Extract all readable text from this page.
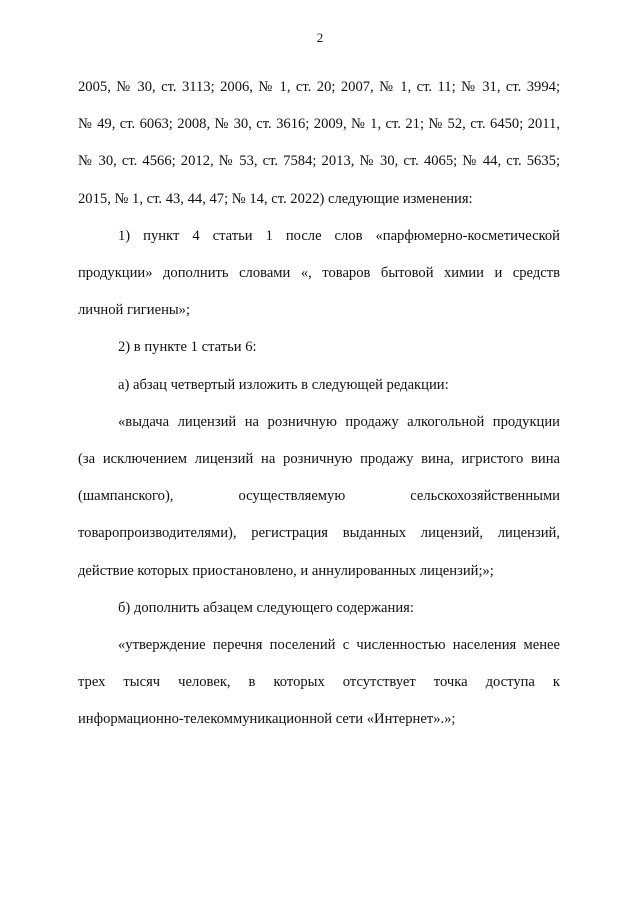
2
2005, № 30, ст. 3113; 2006, № 1, ст. 20; 2007, № 1, ст. 11; № 31, ст. 3994;
№ 49, ст. 6063; 2008, № 30, ст. 3616; 2009, № 1, ст. 21; № 52, ст. 6450; 2011,
№ 30, ст. 4566; 2012, № 53, ст. 7584; 2013, № 30, ст. 4065; № 44, ст. 5635;
2015, № 1, ст. 43, 44, 47; № 14, ст. 2022) следующие изменения:
1) пункт 4 статьи 1 после слов «парфюмерно-косметической
продукции» дополнить словами «, товаров бытовой химии и средств
личной гигиены»;
2) в пункте 1 статьи 6:
а) абзац четвертый изложить в следующей редакции:
«выдача лицензий на розничную продажу алкогольной продукции
(за исключением лицензий на розничную продажу вина, игристого вина
(шампанского), осуществляемую сельскохозяйственными
товаропроизводителями), регистрация выданных лицензий, лицензий,
действие которых приостановлено, и аннулированных лицензий;»;
б) дополнить абзацем следующего содержания:
«утверждение перечня поселений с численностью населения менее
трех тысяч человек, в которых отсутствует точка доступа к
информационно-телекоммуникационной сети «Интернет».»;
